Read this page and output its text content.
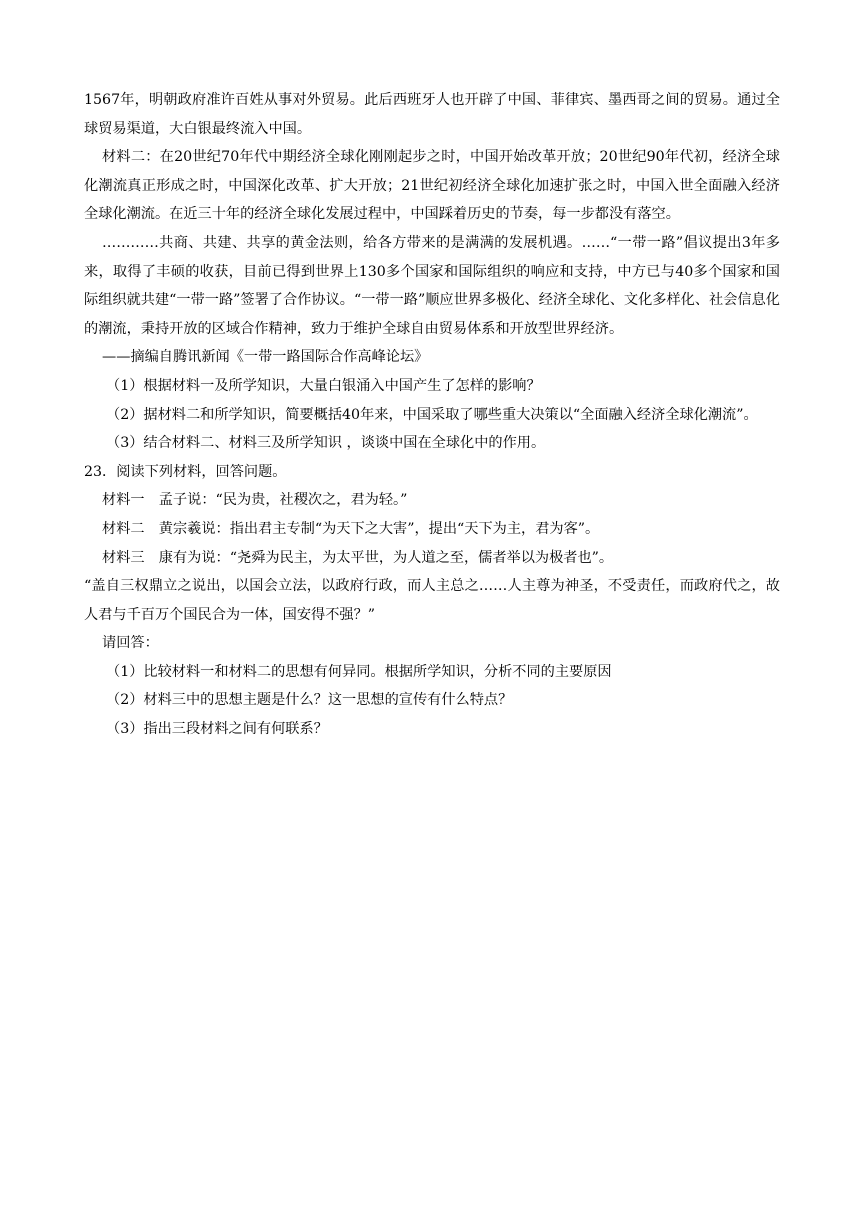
1567年，明朝政府准许百姓从事对外贸易。此后西班牙人也开辟了中国、菲律宾、墨西哥之间的贸易。通过全球贸易渠道，大白银最终流入中国。

材料二：在20世纪70年代中期经济全球化刚刚起步之时，中国开始改革开放；20世纪90年代初，经济全球化潮流真正形成之时，中国深化改革、扩大开放；21世纪初经济全球化加速扩张之时，中国入世全面融入经济全球化潮流。在近三十年的经济全球化发展过程中，中国踩着历史的节奏，每一步都没有落空。

…………共商、共建、共享的黄金法则，给各方带来的是满满的发展机遇。……“一带一路”倡议提出3年多来，取得了丰硕的收获，目前已得到世界上130多个国家和国际组织的响应和支持，中方已与40多个国家和国际组织就共建“一带一路”签署了合作协议。“一带一路”顺应世界多极化、经济全球化、文化多样化、社会信息化的潮流，秉持开放的区域合作精神，致力于维护全球自由贸易体系和开放型世界经济。

——摘编自腾讯新闻《一带一路国际合作高峰论坛》

（1）根据材料一及所学知识，大量白银涌入中国产生了怎样的影响？

（2）据材料二和所学知识，简要概括40年来，中国采取了哪些重大决策以“全面融入经济全球化潮流”。

（3）结合材料二、材料三及所学知识 ，谈谈中国在全球化中的作用。

23．阅读下列材料，回答问题。

材料一　孟子说：“民为贵，社稷次之，君为轻。”

材料二　黄宗羲说：指出君主专制“为天下之大害”，提出“天下为主，君为客”。

材料三　康有为说：“尧舜为民主，为太平世，为人道之至，儒者举以为极者也”。

“盖自三权鼎立之说出，以国会立法，以政府行政，而人主总之……人主尊为神圣，不受责任，而政府代之，故人君与千百万个国民合为一体，国安得不强？”

请回答：

（1）比较材料一和材料二的思想有何异同。根据所学知识，分析不同的主要原因

（2）材料三中的思想主题是什么？这一思想的宣传有什么特点？

（3）指出三段材料之间有何联系？
